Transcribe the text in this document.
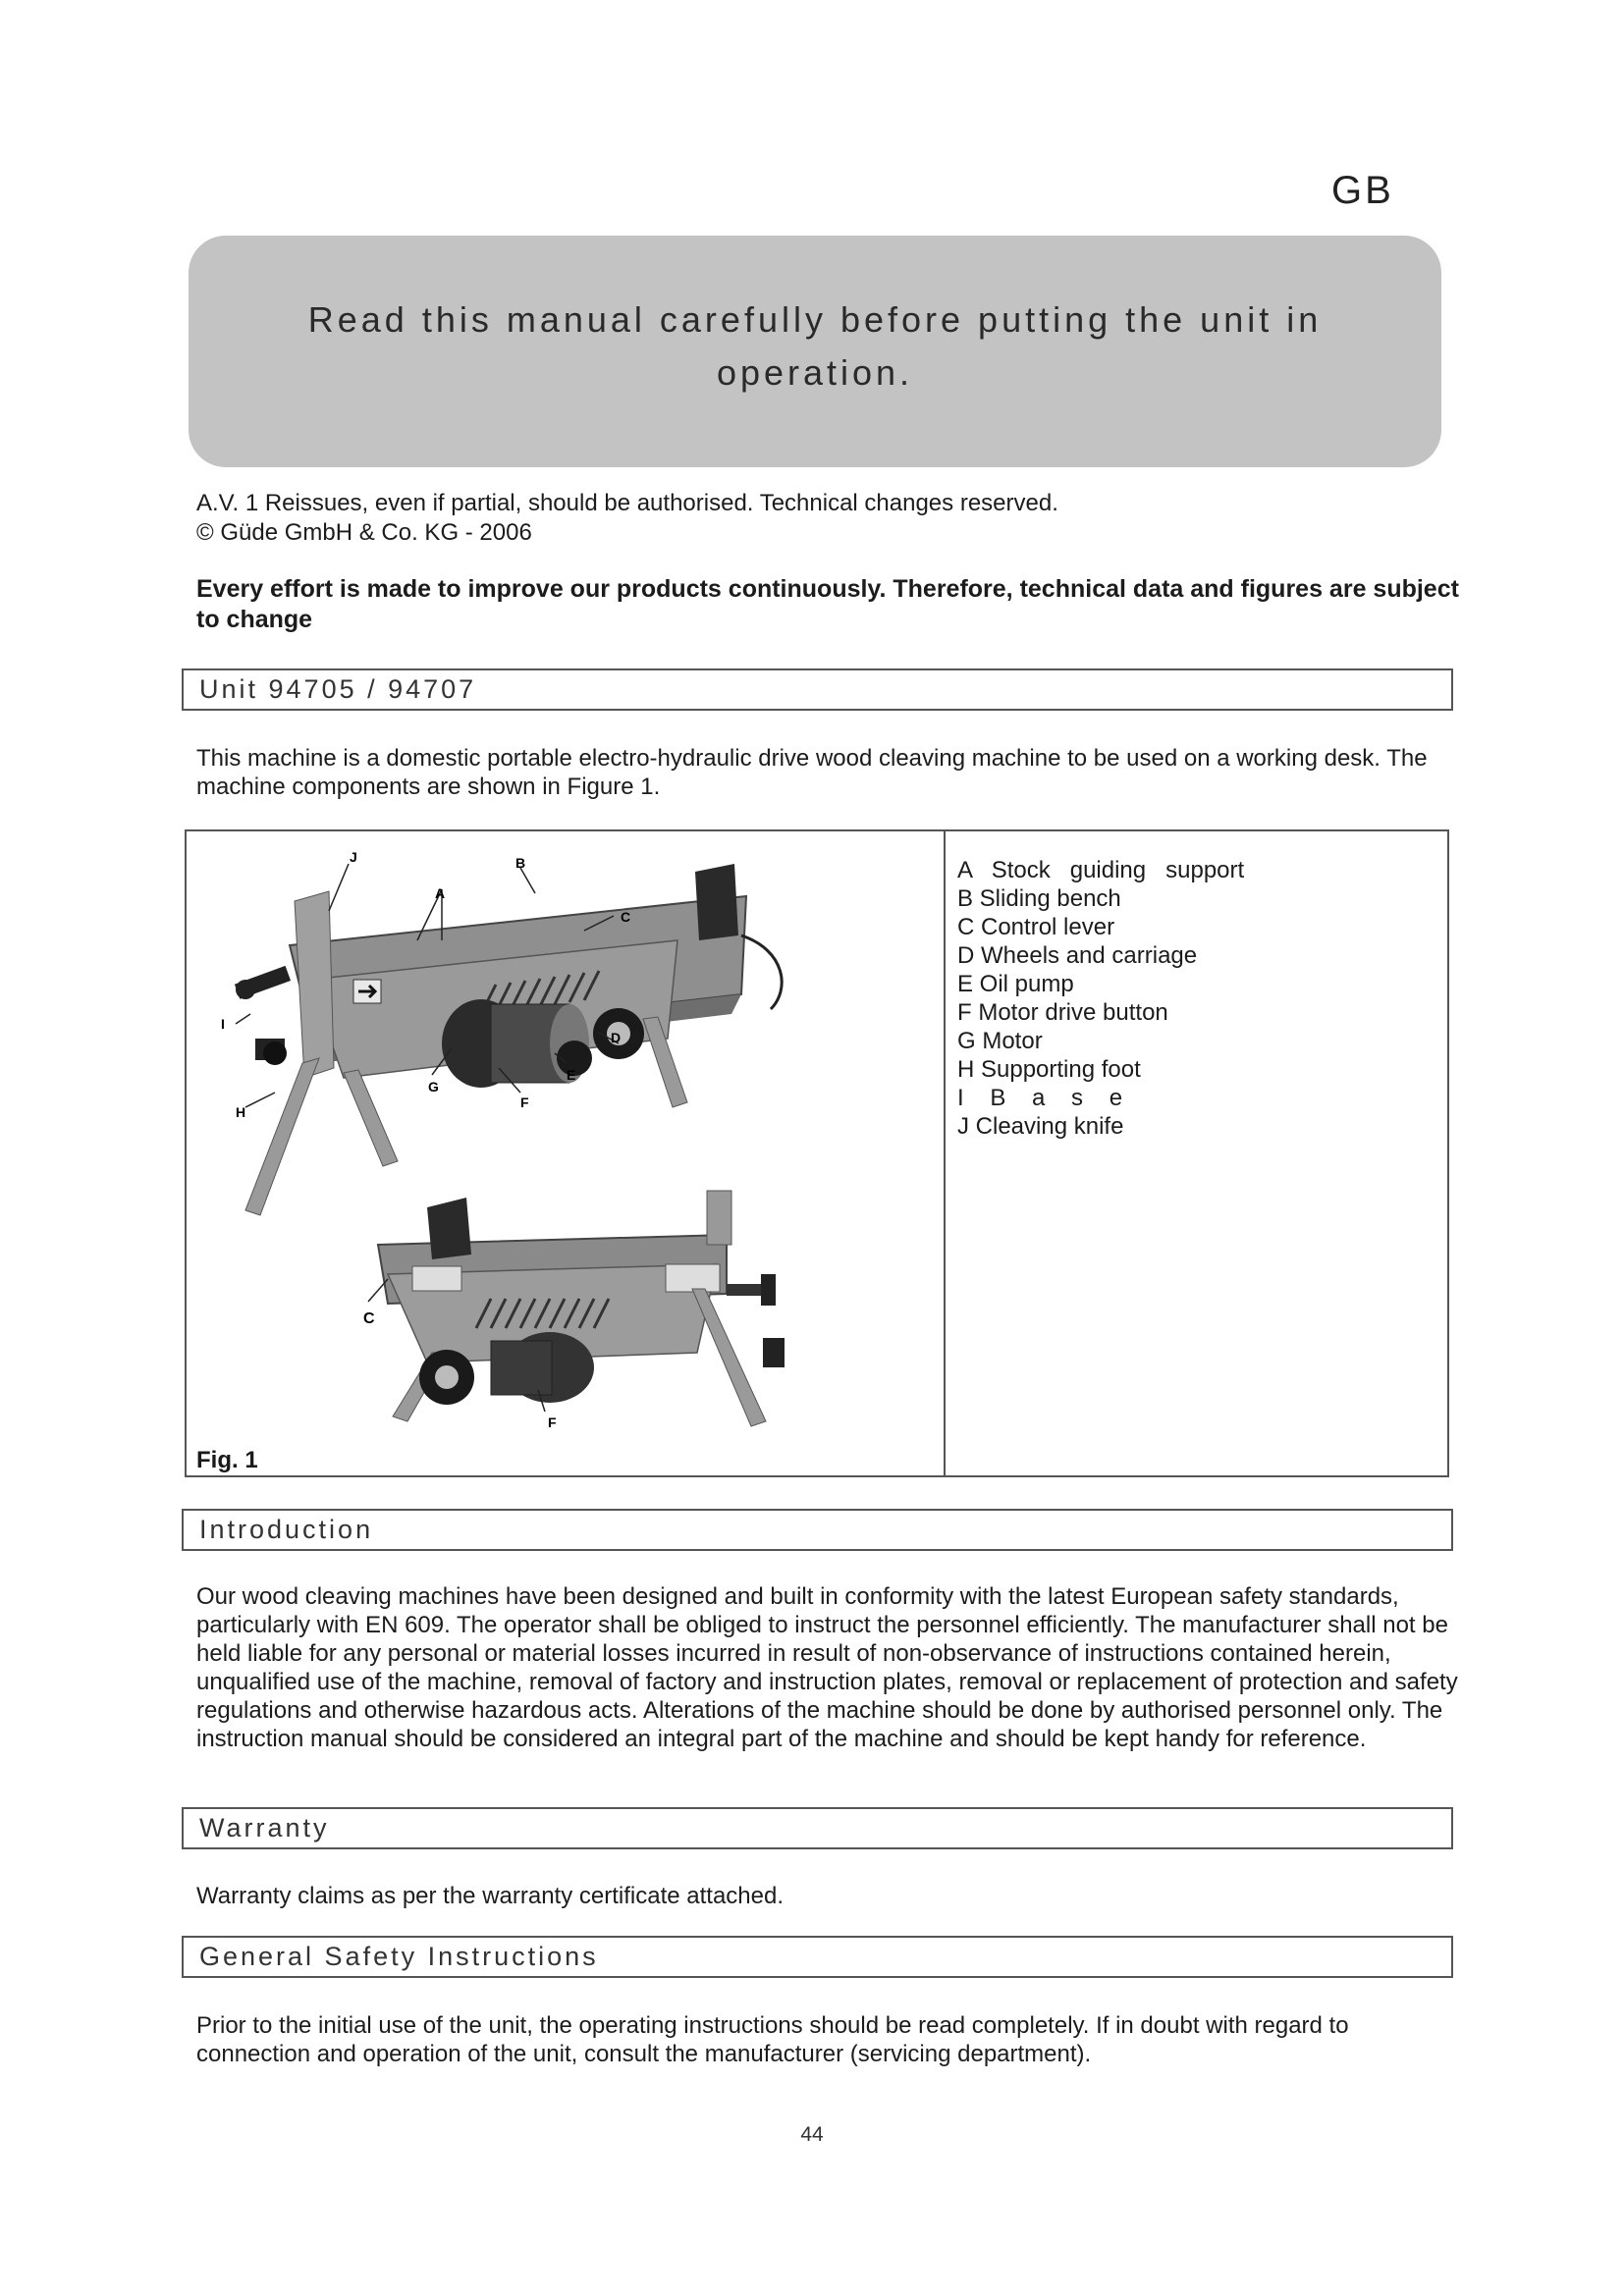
GB
Read this manual carefully before putting the unit in operation.
A.V. 1 Reissues, even if partial, should be authorised. Technical changes reserved.
© Güde GmbH & Co. KG - 2006
Every effort is made to improve our products continuously. Therefore, technical data and figures are subject to change
Unit 94705 / 94707
This machine is a domestic portable electro-hydraulic drive wood cleaving machine to be used on a working desk. The machine components are shown in Figure 1.
J	B
A
C
I
D
E
G
F
H
C
F
Fig. 1
A   Stock   guiding   support
B Sliding bench
C Control lever
D Wheels and carriage
E Oil pump
F Motor drive button
G Motor
H Supporting foot
I    B    a    s    e
J Cleaving knife
Introduction
Our wood cleaving machines have been designed and built in conformity with the latest European safety standards, particularly with EN 609. The operator shall be obliged to instruct the personnel efficiently. The manufacturer shall not be held liable for any personal or material losses incurred in result of non-observance of instructions contained herein, unqualified use of the machine, removal of factory and instruction plates, removal or replacement of protection and safety regulations and otherwise hazardous acts. Alterations of the machine should be done by authorised personnel only. The instruction manual should be considered an integral part of the machine and should be kept handy for reference.
Warranty
Warranty claims as per the warranty certificate attached.
General Safety Instructions
Prior to the initial use of the unit, the operating instructions should be read completely. If in doubt with regard to connection and operation of the unit, consult the manufacturer (servicing department).
44
